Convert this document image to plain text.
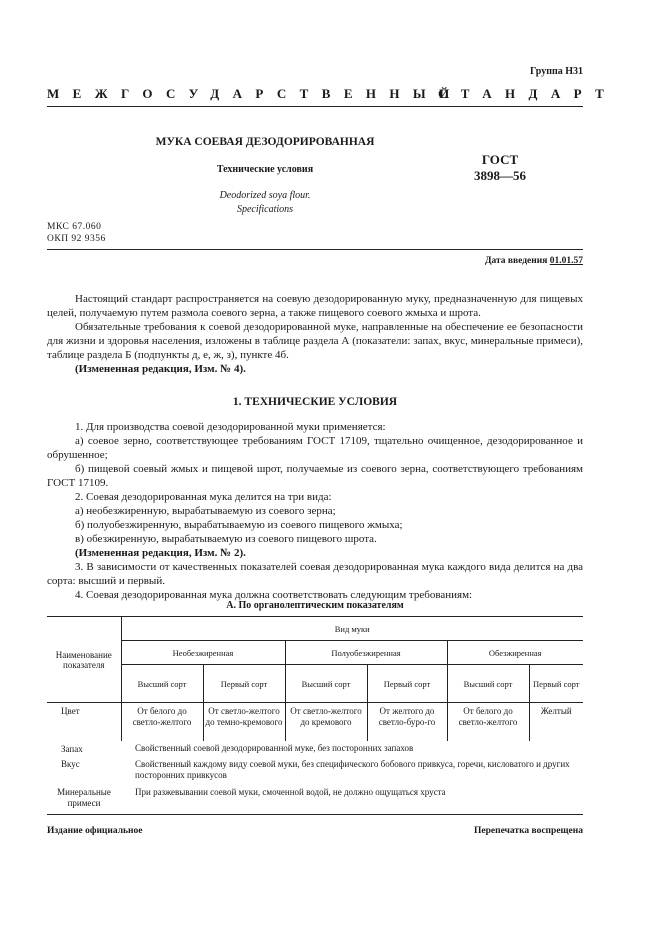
Группа Н31
МЕЖГОСУДАРСТВЕННЫЙ
СТАНДАРТ
МУКА СОЕВАЯ ДЕЗОДОРИРОВАННАЯ
Технические условия
Deodorized soya flour.
Specifications
ГОСТ
3898—56
МКС 67.060
ОКП 92 9356
Дата введения 01.01.57

Настоящий стандарт распространяется на соевую дезодорированную муку, предназначенную для пищевых целей, получаемую путем размола соевого зерна, а также пищевого соевого жмыха и шрота.

Обязательные требования к соевой дезодорированной муке, направленные на обеспечение ее безопасности для жизни и здоровья населения, изложены в таблице раздела А (показатели: запах, вкус, минеральные примеси), таблице раздела Б (подпункты д, е, ж, з), пункте 4б.

(Измененная редакция, Изм. № 4).

1. ТЕХНИЧЕСКИЕ УСЛОВИЯ

1. Для производства соевой дезодорированной муки применяется:

а) соевое зерно, соответствующее требованиям ГОСТ 17109, тщательно очищенное, дезодорированное и обрушенное;

б) пищевой соевый жмых и пищевой шрот, получаемые из соевого зерна, соответствующего требованиям ГОСТ 17109.

2. Соевая дезодорированная мука делится на три вида:

а) необезжиренную, вырабатываемую из соевого зерна;

б) полуобезжиренную, вырабатываемую из соевого пищевого жмыха;

в) обезжиренную, вырабатываемую из соевого пищевого шрота.

(Измененная редакция, Изм. № 2).

3. В зависимости от качественных показателей соевая дезодорированная мука каждого вида делится на два сорта: высший и первый.

4. Соевая дезодорированная мука должна соответствовать следующим требованиям:

А. По органолептическим показателям
Наименование показателя	Вид муки					
	Необезжиренная		Полуобезжиренная		Обезжиренная	
	Высший сорт	Первый сорт	Высший сорт	Первый сорт	Высший сорт	Первый сорт
Цвет	От белого до светло-желтого	От светло-желтого до темно-кремового	От светло-желтого до кремового	От желтого до светло-буро-го	От белого до светло-желтого	Желтый
Запах	Свойственный соевой дезодорированной муке, без посторонних запахов					
Вкус	Свойственный каждому виду соевой муки, без специфического бобового привкуса, горечи, кисловатого и других посторонних привкусов					
Минеральные примеси	При разжевывании соевой муки, смоченной водой, не должно ощущаться хруста					
Издание официальное	Перепечатка воспрещена
